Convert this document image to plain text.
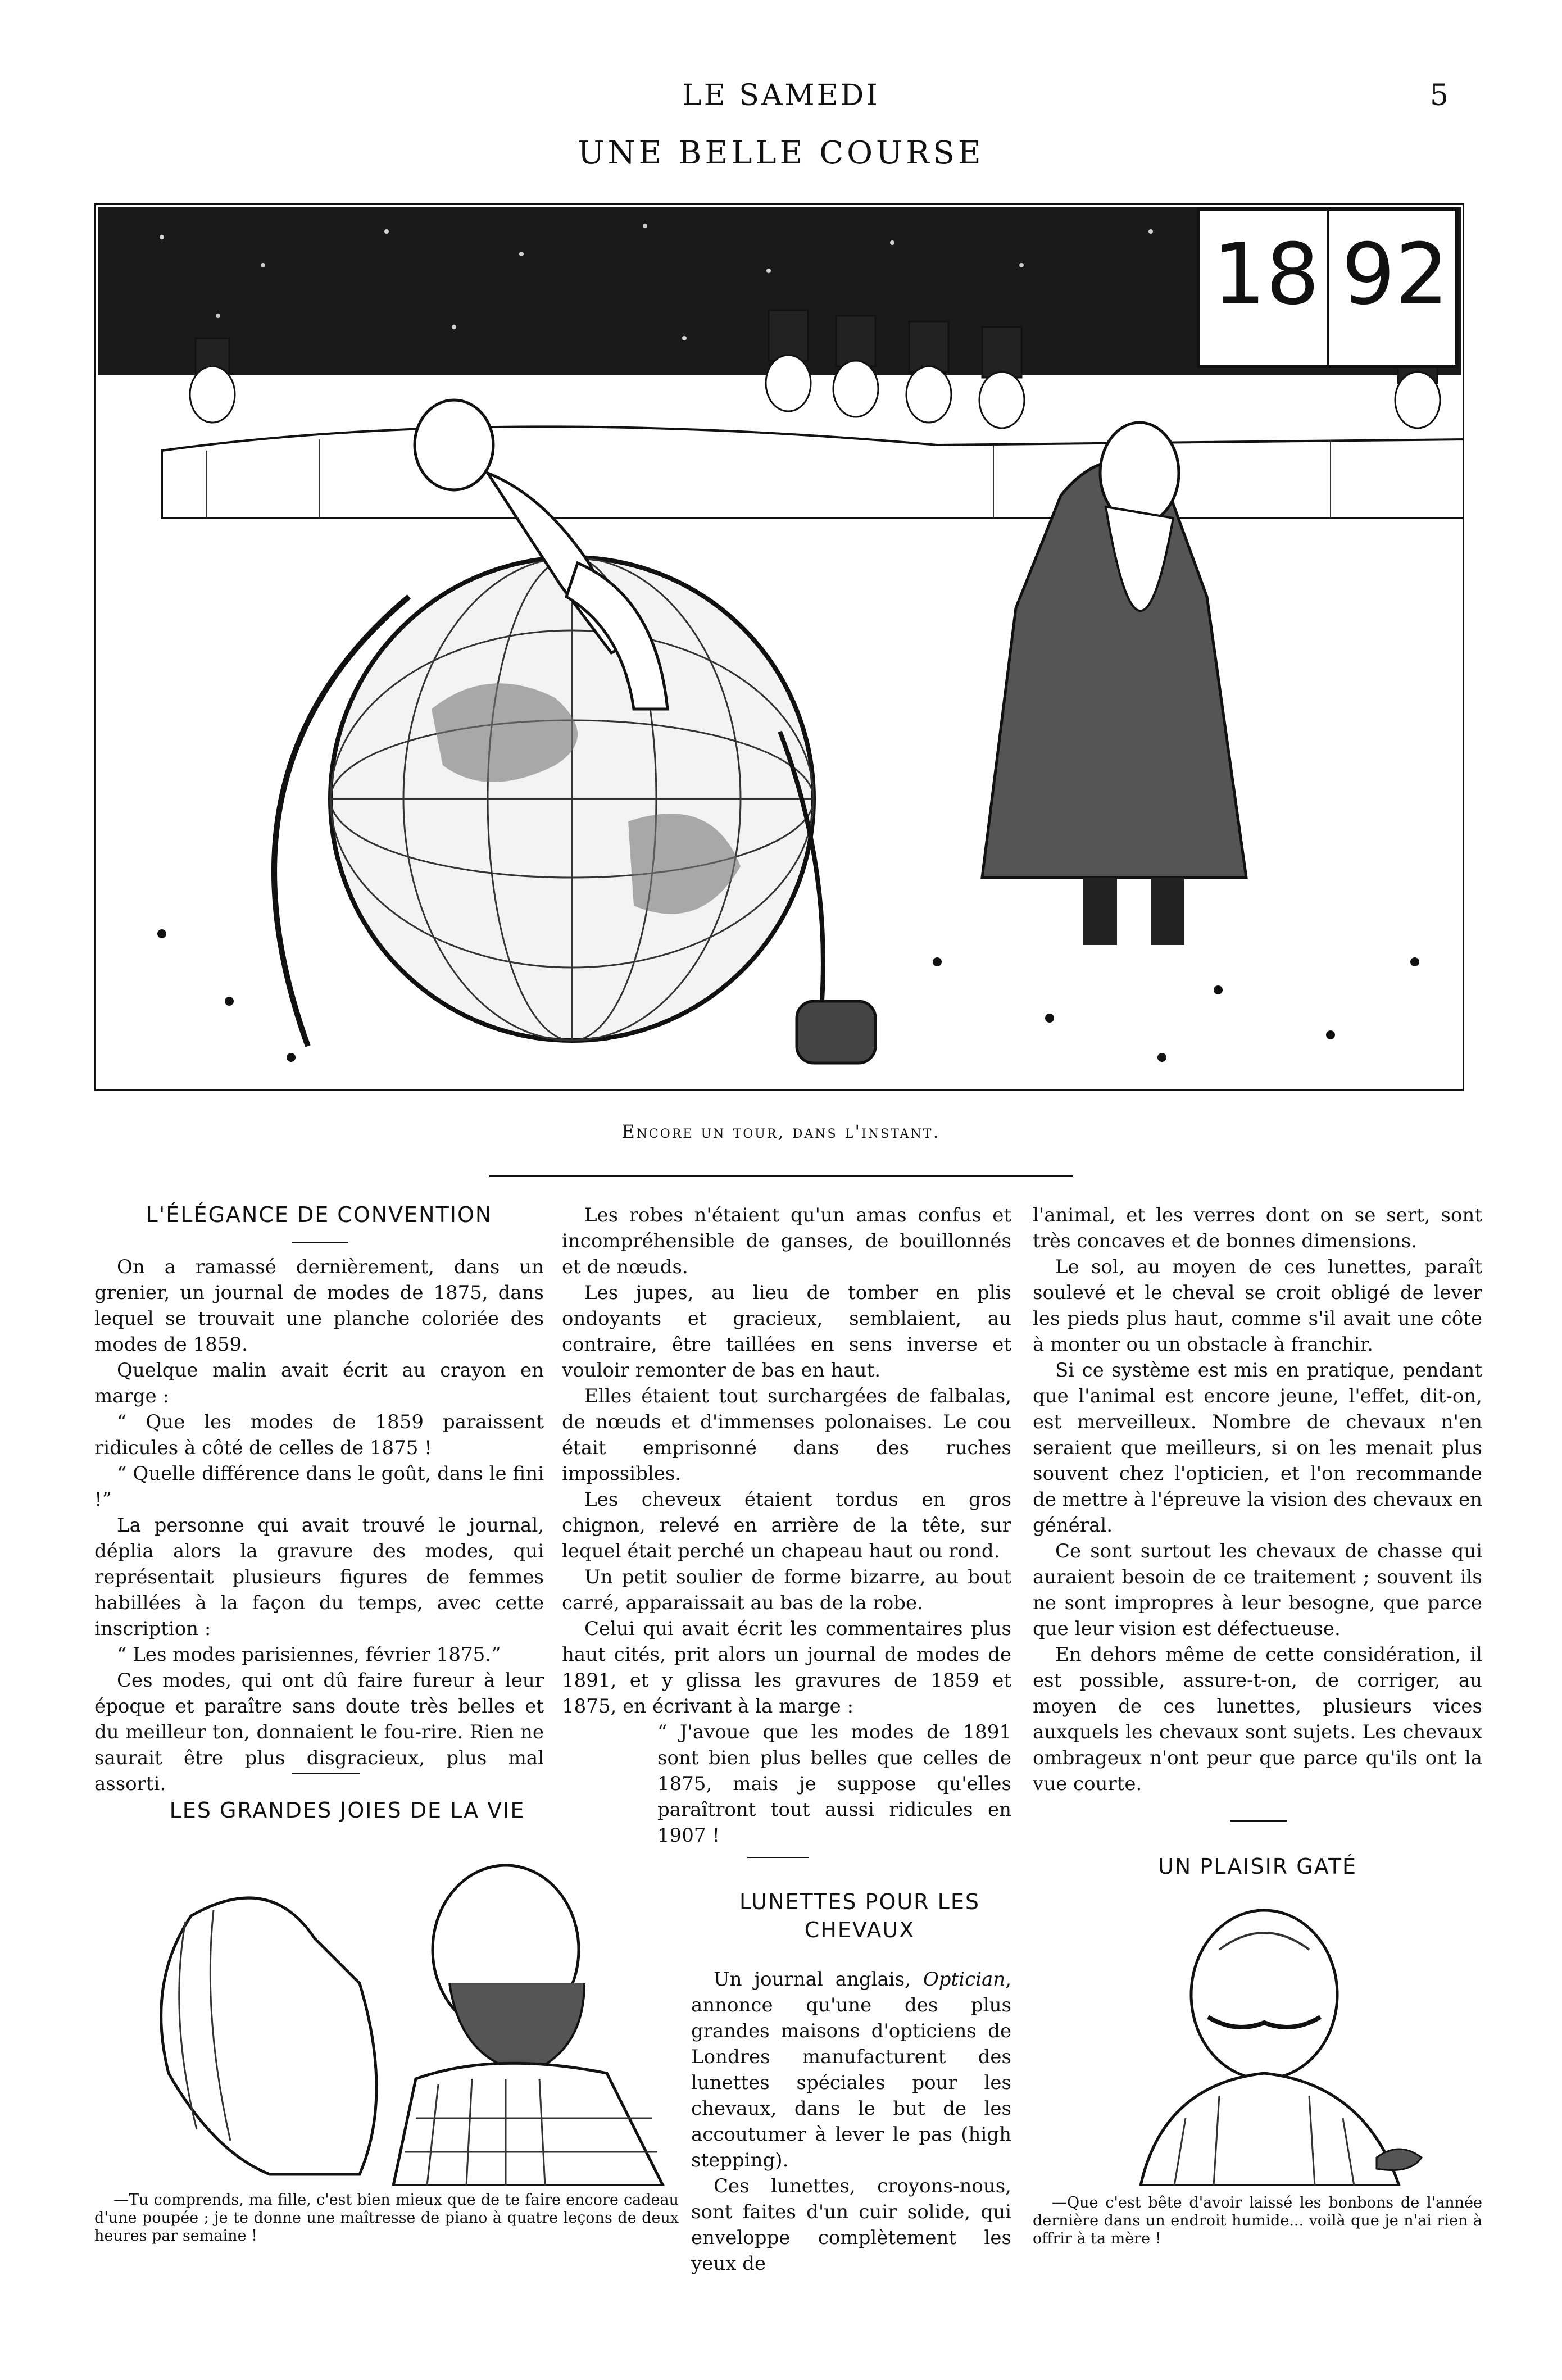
LE SAMEDI	5
UNE BELLE COURSE
18 92
Encore un tour, dans l'instant.
L'ÉLÉGANCE DE CONVENTION

On a ramassé dernièrement, dans un grenier, un journal de modes de 1875, dans lequel se trouvait une planche coloriée des modes de 1859.

Quelque malin avait écrit au crayon en marge :

“ Que les modes de 1859 paraissent ridicules à côté de celles de 1875 !

“ Quelle différence dans le goût, dans le fini !”

La personne qui avait trouvé le journal, déplia alors la gravure des modes, qui représentait plusieurs figures de femmes habillées à la façon du temps, avec cette inscription :

“ Les modes parisiennes, février 1875.”

Ces modes, qui ont dû faire fureur à leur époque et paraître sans doute très belles et du meilleur ton, donnaient le fou-rire. Rien ne saurait être plus disgracieux, plus mal assorti.

LES GRANDES JOIES DE LA VIE

—Tu comprends, ma fille, c'est bien mieux que de te faire encore cadeau d'une poupée ; je te donne une maîtresse de piano à quatre leçons de deux heures par semaine !

Les robes n'étaient qu'un amas confus et incompréhensible de ganses, de bouillonnés et de nœuds.

Les jupes, au lieu de tomber en plis ondoyants et gracieux, semblaient, au contraire, être taillées en sens inverse et vouloir remonter de bas en haut.

Elles étaient tout surchargées de falbalas, de nœuds et d'immenses polonaises. Le cou était emprisonné dans des ruches impossibles.

Les cheveux étaient tordus en gros chignon, relevé en arrière de la tête, sur lequel était perché un chapeau haut ou rond.

Un petit soulier de forme bizarre, au bout carré, apparaissait au bas de la robe.

Celui qui avait écrit les commentaires plus haut cités, prit alors un journal de modes de 1891, et y glissa les gravures de 1859 et 1875, en écrivant à la marge :

“ J'avoue que les modes de 1891 sont bien plus belles que celles de 1875, mais je suppose qu'elles paraîtront tout aussi ridicules en 1907 !

LUNETTES POUR LES CHEVAUX

Un journal anglais, Optician, annonce qu'une des plus grandes maisons d'opticiens de Londres manufacturent des lunettes spéciales pour les chevaux, dans le but de les accoutumer à lever le pas (high stepping).

Ces lunettes, croyons-nous, sont faites d'un cuir solide, qui enveloppe complètement les yeux de

l'animal, et les verres dont on se sert, sont très concaves et de bonnes dimensions.

Le sol, au moyen de ces lunettes, paraît soulevé et le cheval se croit obligé de lever les pieds plus haut, comme s'il avait une côte à monter ou un obstacle à franchir.

Si ce système est mis en pratique, pendant que l'animal est encore jeune, l'effet, dit-on, est merveilleux. Nombre de chevaux n'en seraient que meilleurs, si on les menait plus souvent chez l'opticien, et l'on recommande de mettre à l'épreuve la vision des chevaux en général.

Ce sont surtout les chevaux de chasse qui auraient besoin de ce traitement ; souvent ils ne sont impropres à leur besogne, que parce que leur vision est défectueuse.

En dehors même de cette considération, il est possible, assure-t-on, de corriger, au moyen de ces lunettes, plusieurs vices auxquels les chevaux sont sujets. Les chevaux ombrageux n'ont peur que parce qu'ils ont la vue courte.

UN PLAISIR GATÉ

—Que c'est bête d'avoir laissé les bonbons de l'année dernière dans un endroit humide... voilà que je n'ai rien à offrir à ta mère !
